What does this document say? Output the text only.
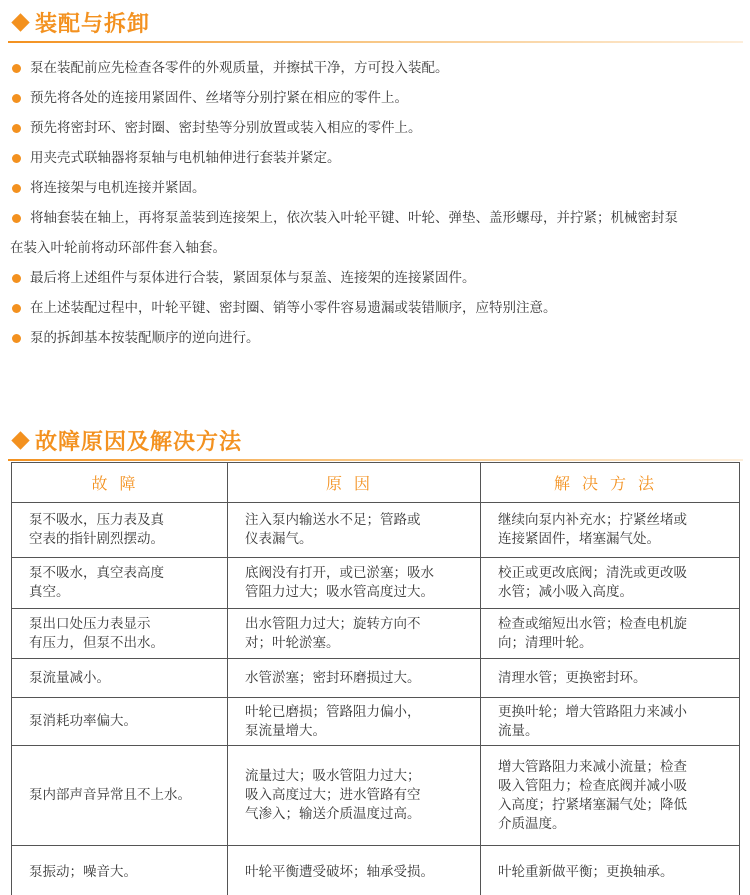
装配与拆卸
泵在装配前应先检查各零件的外观质量，并擦拭干净，方可投入装配。
预先将各处的连接用紧固件、丝堵等分别拧紧在相应的零件上。
预先将密封环、密封圈、密封垫等分别放置或装入相应的零件上。
用夹壳式联轴器将泵轴与电机轴伸进行套装并紧定。
将连接架与电机连接并紧固。
将轴套装在轴上，再将泵盖装到连接架上，依次装入叶轮平键、叶轮、弹垫、盖形螺母，并拧紧；机械密封泵
在装入叶轮前将动环部件套入轴套。
最后将上述组件与泵体进行合装，紧固泵体与泵盖、连接架的连接紧固件。
在上述装配过程中，叶轮平键、密封圈、销等小零件容易遗漏或装错顺序，应特别注意。
泵的拆卸基本按装配顺序的逆向进行。
故障原因及解决方法
故障	原因	解决方法

泵不吸水，压力表及真
空表的指针剧烈摆动。	注入泵内输送水不足；管路或
仪表漏气。	继续向泵内补充水；拧紧丝堵或
连接紧固件，堵塞漏气处。

泵不吸水，真空表高度
真空。	底阀没有打开，或已淤塞；吸水
管阻力过大；吸水管高度过大。	校正或更改底阀；清洗或更改吸
水管；减小吸入高度。

泵出口处压力表显示
有压力，但泵不出水。	出水管阻力过大；旋转方向不
对；叶轮淤塞。	检查或缩短出水管；检查电机旋
向；清理叶轮。

泵流量减小。	水管淤塞；密封环磨损过大。	清理水管；更换密封环。

泵消耗功率偏大。	叶轮已磨损；管路阻力偏小，
泵流量增大。	更换叶轮；增大管路阻力来减小
流量。

泵内部声音异常且不上水。	流量过大；吸水管阻力过大；
吸入高度过大；进水管路有空
气渗入；输送介质温度过高。	增大管路阻力来减小流量；检查
吸入管阻力；检查底阀并减小吸
入高度；拧紧堵塞漏气处；降低
介质温度。

泵振动；噪音大。	叶轮平衡遭受破坏；轴承受损。	叶轮重新做平衡；更换轴承。
